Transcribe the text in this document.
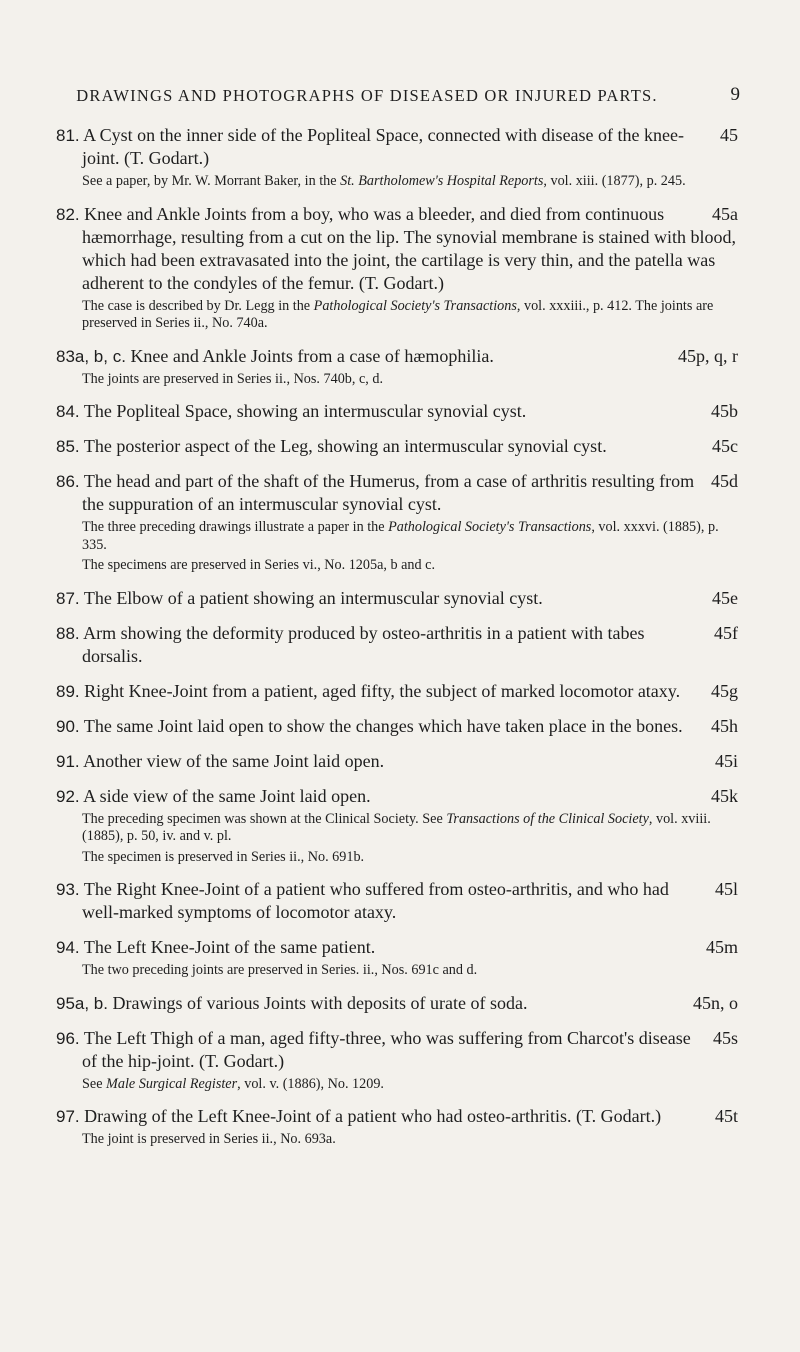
DRAWINGS AND PHOTOGRAPHS OF DISEASED OR INJURED PARTS.	9
45
81. A Cyst on the inner side of the Popliteal Space, connected with disease of the knee-joint. (T. Godart.)
See a paper, by Mr. W. Morrant Baker, in the St. Bartholomew's Hospital Reports, vol. xiii. (1877), p. 245.
45a
82. Knee and Ankle Joints from a boy, who was a bleeder, and died from continuous hæmorrhage, resulting from a cut on the lip. The synovial membrane is stained with blood, which had been extravasated into the joint, the cartilage is very thin, and the patella was adherent to the condyles of the femur. (T. Godart.)
The case is described by Dr. Legg in the Pathological Society's Transactions, vol. xxxiii., p. 412. The joints are preserved in Series ii., No. 740a.
45p, q, r
83a, b, c. Knee and Ankle Joints from a case of hæmophilia.
The joints are preserved in Series ii., Nos. 740b, c, d.
45b
84. The Popliteal Space, showing an intermuscular synovial cyst.
45c
85. The posterior aspect of the Leg, showing an intermuscular synovial cyst.
45d
86. The head and part of the shaft of the Humerus, from a case of arthritis resulting from the suppuration of an intermuscular synovial cyst.
The three preceding drawings illustrate a paper in the Pathological Society's Transactions, vol. xxxvi. (1885), p. 335.
The specimens are preserved in Series vi., No. 1205a, b and c.
45e
87. The Elbow of a patient showing an intermuscular synovial cyst.
45f
88. Arm showing the deformity produced by osteo-arthritis in a patient with tabes dorsalis.
45g
89. Right Knee-Joint from a patient, aged fifty, the subject of marked locomotor ataxy.
45h
90. The same Joint laid open to show the changes which have taken place in the bones.
45i
91. Another view of the same Joint laid open.
45k
92. A side view of the same Joint laid open.
The preceding specimen was shown at the Clinical Society. See Transactions of the Clinical Society, vol. xviii. (1885), p. 50, iv. and v. pl.
The specimen is preserved in Series ii., No. 691b.
45l
93. The Right Knee-Joint of a patient who suffered from osteo-arthritis, and who had well-marked symptoms of locomotor ataxy.
45m
94. The Left Knee-Joint of the same patient.
The two preceding joints are preserved in Series. ii., Nos. 691c and d.
45n, o
95a, b. Drawings of various Joints with deposits of urate of soda.
45s
96. The Left Thigh of a man, aged fifty-three, who was suffering from Charcot's disease of the hip-joint. (T. Godart.)
See Male Surgical Register, vol. v. (1886), No. 1209.
45t
97. Drawing of the Left Knee-Joint of a patient who had osteo-arthritis. (T. Godart.)
The joint is preserved in Series ii., No. 693a.
